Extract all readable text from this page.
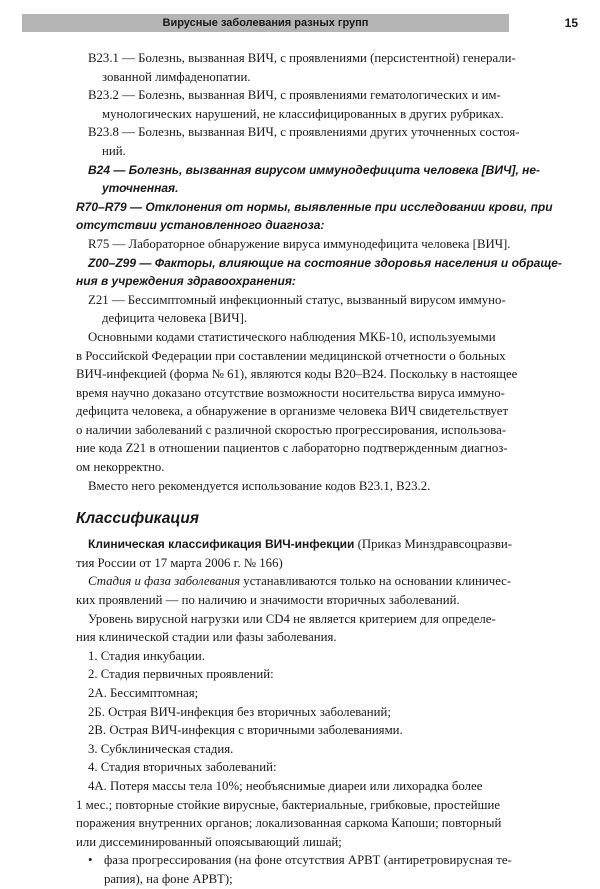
Вирусные заболевания разных групп	15

B23.1 — Болезнь, вызванная ВИЧ, с проявлениями (персистентной) генерали-
зованной лимфаденопатии.

B23.2 — Болезнь, вызванная ВИЧ, с проявлениями гематологических и им-
мунологических нарушений, не классифицированных в других рубриках.

B23.8 — Болезнь, вызванная ВИЧ, с проявлениями других уточненных состоя-
ний.

B24 — Болезнь, вызванная вирусом иммунодефицита человека [ВИЧ], не-
уточненная.

R70–R79 — Отклонения от нормы, выявленные при исследовании крови, при
отсутствии установленного диагноза:

R75 — Лабораторное обнаружение вируса иммунодефицита человека [ВИЧ].

Z00–Z99 — Факторы, влияющие на состояние здоровья населения и обраще-
ния в учреждения здравоохранения:

Z21 — Бессимптомный инфекционный статус, вызванный вирусом иммуно-
дефицита человека [ВИЧ].

Основными кодами статистического наблюдения МКБ-10, используемыми
в Российской Федерации при составлении медицинской отчетности о больных
ВИЧ-инфекцией (форма № 61), являются коды B20–B24. Поскольку в настоящее
время научно доказано отсутствие возможности носительства вируса иммуно-
дефицита человека, а обнаружение в организме человека ВИЧ свидетельствует
о наличии заболеваний с различной скоростью прогрессирования, использова-
ние кода Z21 в отношении пациентов с лабораторно подтвержденным диагноз-
ом некорректно.

Вместо него рекомендуется использование кодов B23.1, B23.2.

Классификация

Клиническая классификация ВИЧ-инфекции (Приказ Минздравсоцразви-
тия России от 17 марта 2006 г. № 166)

Стадия и фаза заболевания устанавливаются только на основании клиничес-
ких проявлений — по наличию и значимости вторичных заболеваний.

Уровень вирусной нагрузки или CD4 не является критерием для определе-
ния клинической стадии или фазы заболевания.

1. Стадия инкубации.
2. Стадия первичных проявлений:
2А. Бессимптомная;
2Б. Острая ВИЧ-инфекция без вторичных заболеваний;
2В. Острая ВИЧ-инфекция с вторичными заболеваниями.
3. Субклиническая стадия.
4. Стадия вторичных заболеваний:

4А. Потеря массы тела 10%; необъяснимые диареи или лихорадка более
1 мес.; повторные стойкие вирусные, бактериальные, грибковые, простейшие
поражения внутренних органов; локализованная саркома Капоши; повторный
или диссеминированный опоясывающий лишай;

• фаза прогрессирования (на фоне отсутствия АРВТ (антиретровирусная те-
рапия), на фоне АРВТ);
